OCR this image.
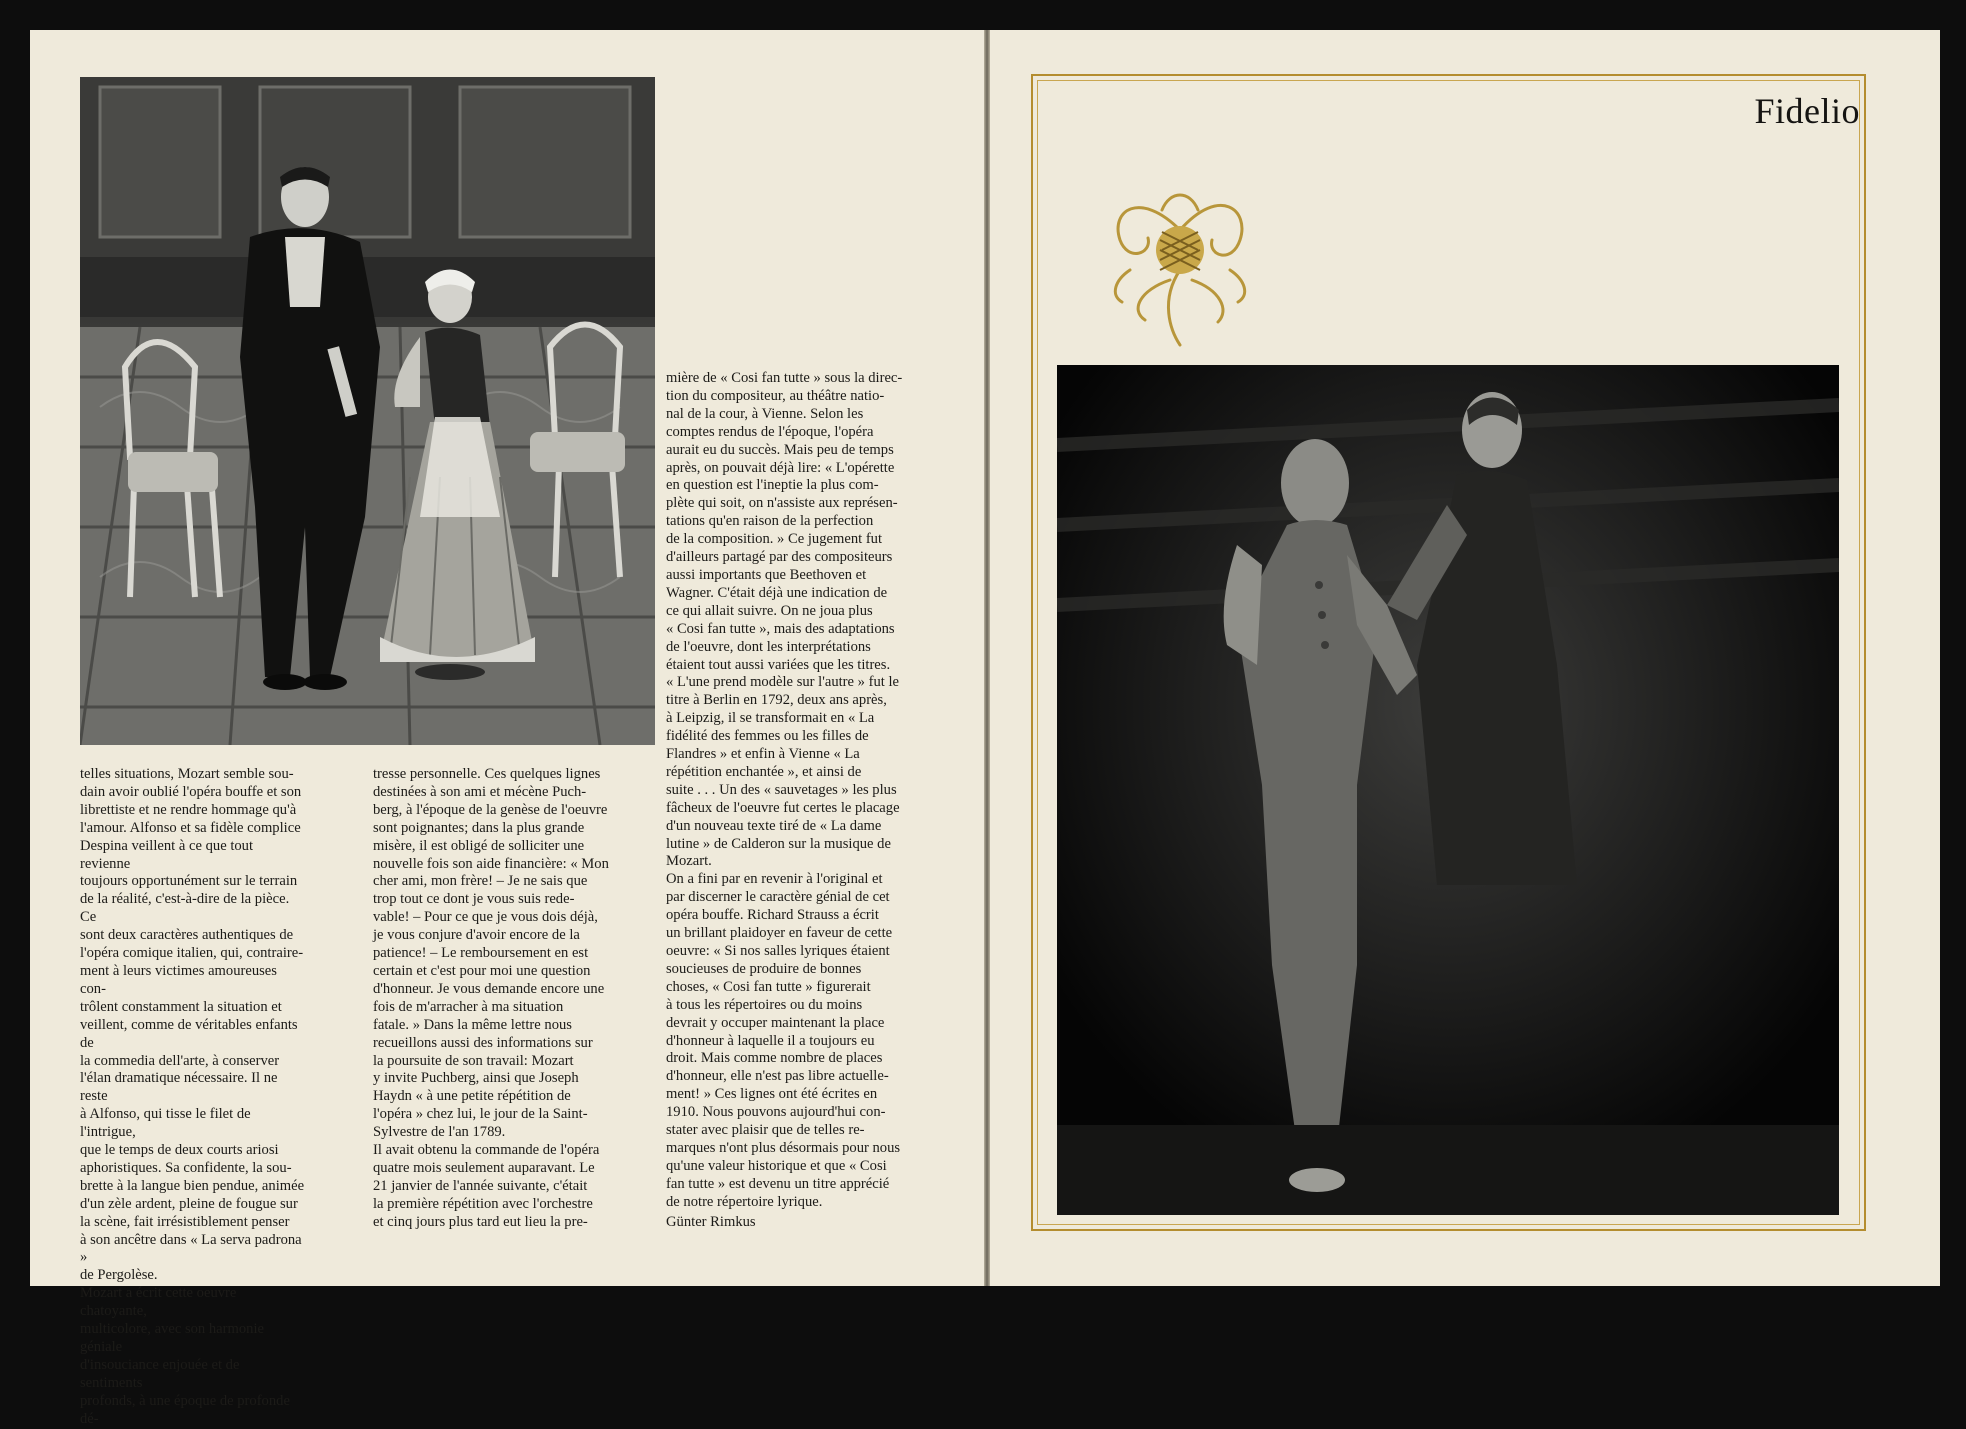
telles situations, Mozart semble sou-
dain avoir oublié l'opéra bouffe et son
librettiste et ne rendre hommage qu'à
l'amour. Alfonso et sa fidèle complice
Despina veillent à ce que tout revienne
toujours opportunément sur le terrain
de la réalité, c'est-à-dire de la pièce. Ce
sont deux caractères authentiques de
l'opéra comique italien, qui, contraire-
ment à leurs victimes amoureuses con-
trôlent constamment la situation et
veillent, comme de véritables enfants de
la commedia dell'arte, à conserver
l'élan dramatique nécessaire. Il ne reste
à Alfonso, qui tisse le filet de l'intrigue,
que le temps de deux courts ariosi
aphoristiques. Sa confidente, la sou-
brette à la langue bien pendue, animée
d'un zèle ardent, pleine de fougue sur
la scène, fait irrésistiblement penser
à son ancêtre dans « La serva padrona »
de Pergolèse.
Mozart a écrit cette oeuvre chatoyante,
multicolore, avec son harmonie géniale
d'insouciance enjouée et de sentiments
profonds, à une époque de profonde dé-

tresse personnelle. Ces quelques lignes
destinées à son ami et mécène Puch-
berg, à l'époque de la genèse de l'oeuvre
sont poignantes; dans la plus grande
misère, il est obligé de solliciter une
nouvelle fois son aide financière: « Mon
cher ami, mon frère! – Je ne sais que
trop tout ce dont je vous suis rede-
vable! – Pour ce que je vous dois déjà,
je vous conjure d'avoir encore de la
patience! – Le remboursement en est
certain et c'est pour moi une question
d'honneur. Je vous demande encore une
fois de m'arracher à ma situation
fatale. » Dans la même lettre nous
recueillons aussi des informations sur
la poursuite de son travail: Mozart
y invite Puchberg, ainsi que Joseph
Haydn « à une petite répétition de
l'opéra » chez lui, le jour de la Saint-
Sylvestre de l'an 1789.
Il avait obtenu la commande de l'opéra
quatre mois seulement auparavant. Le
21 janvier de l'année suivante, c'était
la première répétition avec l'orchestre
et cinq jours plus tard eut lieu la pre-

mière de « Cosi fan tutte » sous la direc-
tion du compositeur, au théâtre natio-
nal de la cour, à Vienne. Selon les
comptes rendus de l'époque, l'opéra
aurait eu du succès. Mais peu de temps
après, on pouvait déjà lire: « L'opérette
en question est l'ineptie la plus com-
plète qui soit, on n'assiste aux représen-
tations qu'en raison de la perfection
de la composition. » Ce jugement fut
d'ailleurs partagé par des compositeurs
aussi importants que Beethoven et
Wagner. C'était déjà une indication de
ce qui allait suivre. On ne joua plus
« Cosi fan tutte », mais des adaptations
de l'oeuvre, dont les interprétations
étaient tout aussi variées que les titres.
« L'une prend modèle sur l'autre » fut le
titre à Berlin en 1792, deux ans après,
à Leipzig, il se transformait en « La
fidélité des femmes ou les filles de
Flandres » et enfin à Vienne « La
répétition enchantée », et ainsi de
suite . . . Un des « sauvetages » les plus
fâcheux de l'oeuvre fut certes le placage
d'un nouveau texte tiré de « La dame
lutine » de Calderon sur la musique de
Mozart.
On a fini par en revenir à l'original et
par discerner le caractère génial de cet
opéra bouffe. Richard Strauss a écrit
un brillant plaidoyer en faveur de cette
oeuvre: « Si nos salles lyriques étaient
soucieuses de produire de bonnes
choses, « Cosi fan tutte » figurerait
à tous les répertoires ou du moins
devrait y occuper maintenant la place
d'honneur à laquelle il a toujours eu
droit. Mais comme nombre de places
d'honneur, elle n'est pas libre actuelle-
ment! » Ces lignes ont été écrites en
1910. Nous pouvons aujourd'hui con-
stater avec plaisir que de telles re-
marques n'ont plus désormais pour nous
qu'une valeur historique et que « Cosi
fan tutte » est devenu un titre apprécié
de notre répertoire lyrique.

Günter Rimkus

Fidelio
